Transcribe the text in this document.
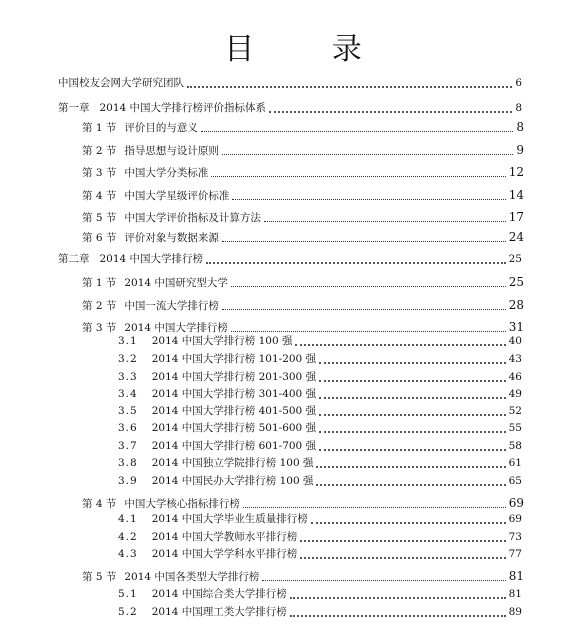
目 录
中国校友会网大学研究团队	6
第一章 2014 中国大学排行榜评价指标体系	8
第 1 节 评价目的与意义	8
第 2 节 指导思想与设计原则	9
第 3 节 中国大学分类标准	12
第 4 节 中国大学星级评价标准	14
第 5 节 中国大学评价指标及计算方法	17
第 6 节 评价对象与数据来源	24
第二章 2014 中国大学排行榜	25
第 1 节 2014 中国研究型大学	25
第 2 节 中国一流大学排行榜	28
第 3 节 2014 中国大学排行榜	31
3.1 2014 中国大学排行榜 100 强	40
3.2 2014 中国大学排行榜 101-200 强	43
3.3 2014 中国大学排行榜 201-300 强	46
3.4 2014 中国大学排行榜 301-400 强	49
3.5 2014 中国大学排行榜 401-500 强	52
3.6 2014 中国大学排行榜 501-600 强	55
3.7 2014 中国大学排行榜 601-700 强	58
3.8 2014 中国独立学院排行榜 100 强	61
3.9 2014 中国民办大学排行榜 100 强	65
第 4 节 中国大学核心指标排行榜	69
4.1 2014 中国大学毕业生质量排行榜	69
4.2 2014 中国大学教师水平排行榜	73
4.3 2014 中国大学学科水平排行榜	77
第 5 节 2014 中国各类型大学排行榜	81
5.1 2014 中国综合类大学排行榜	81
5.2 2014 中国理工类大学排行榜	89
